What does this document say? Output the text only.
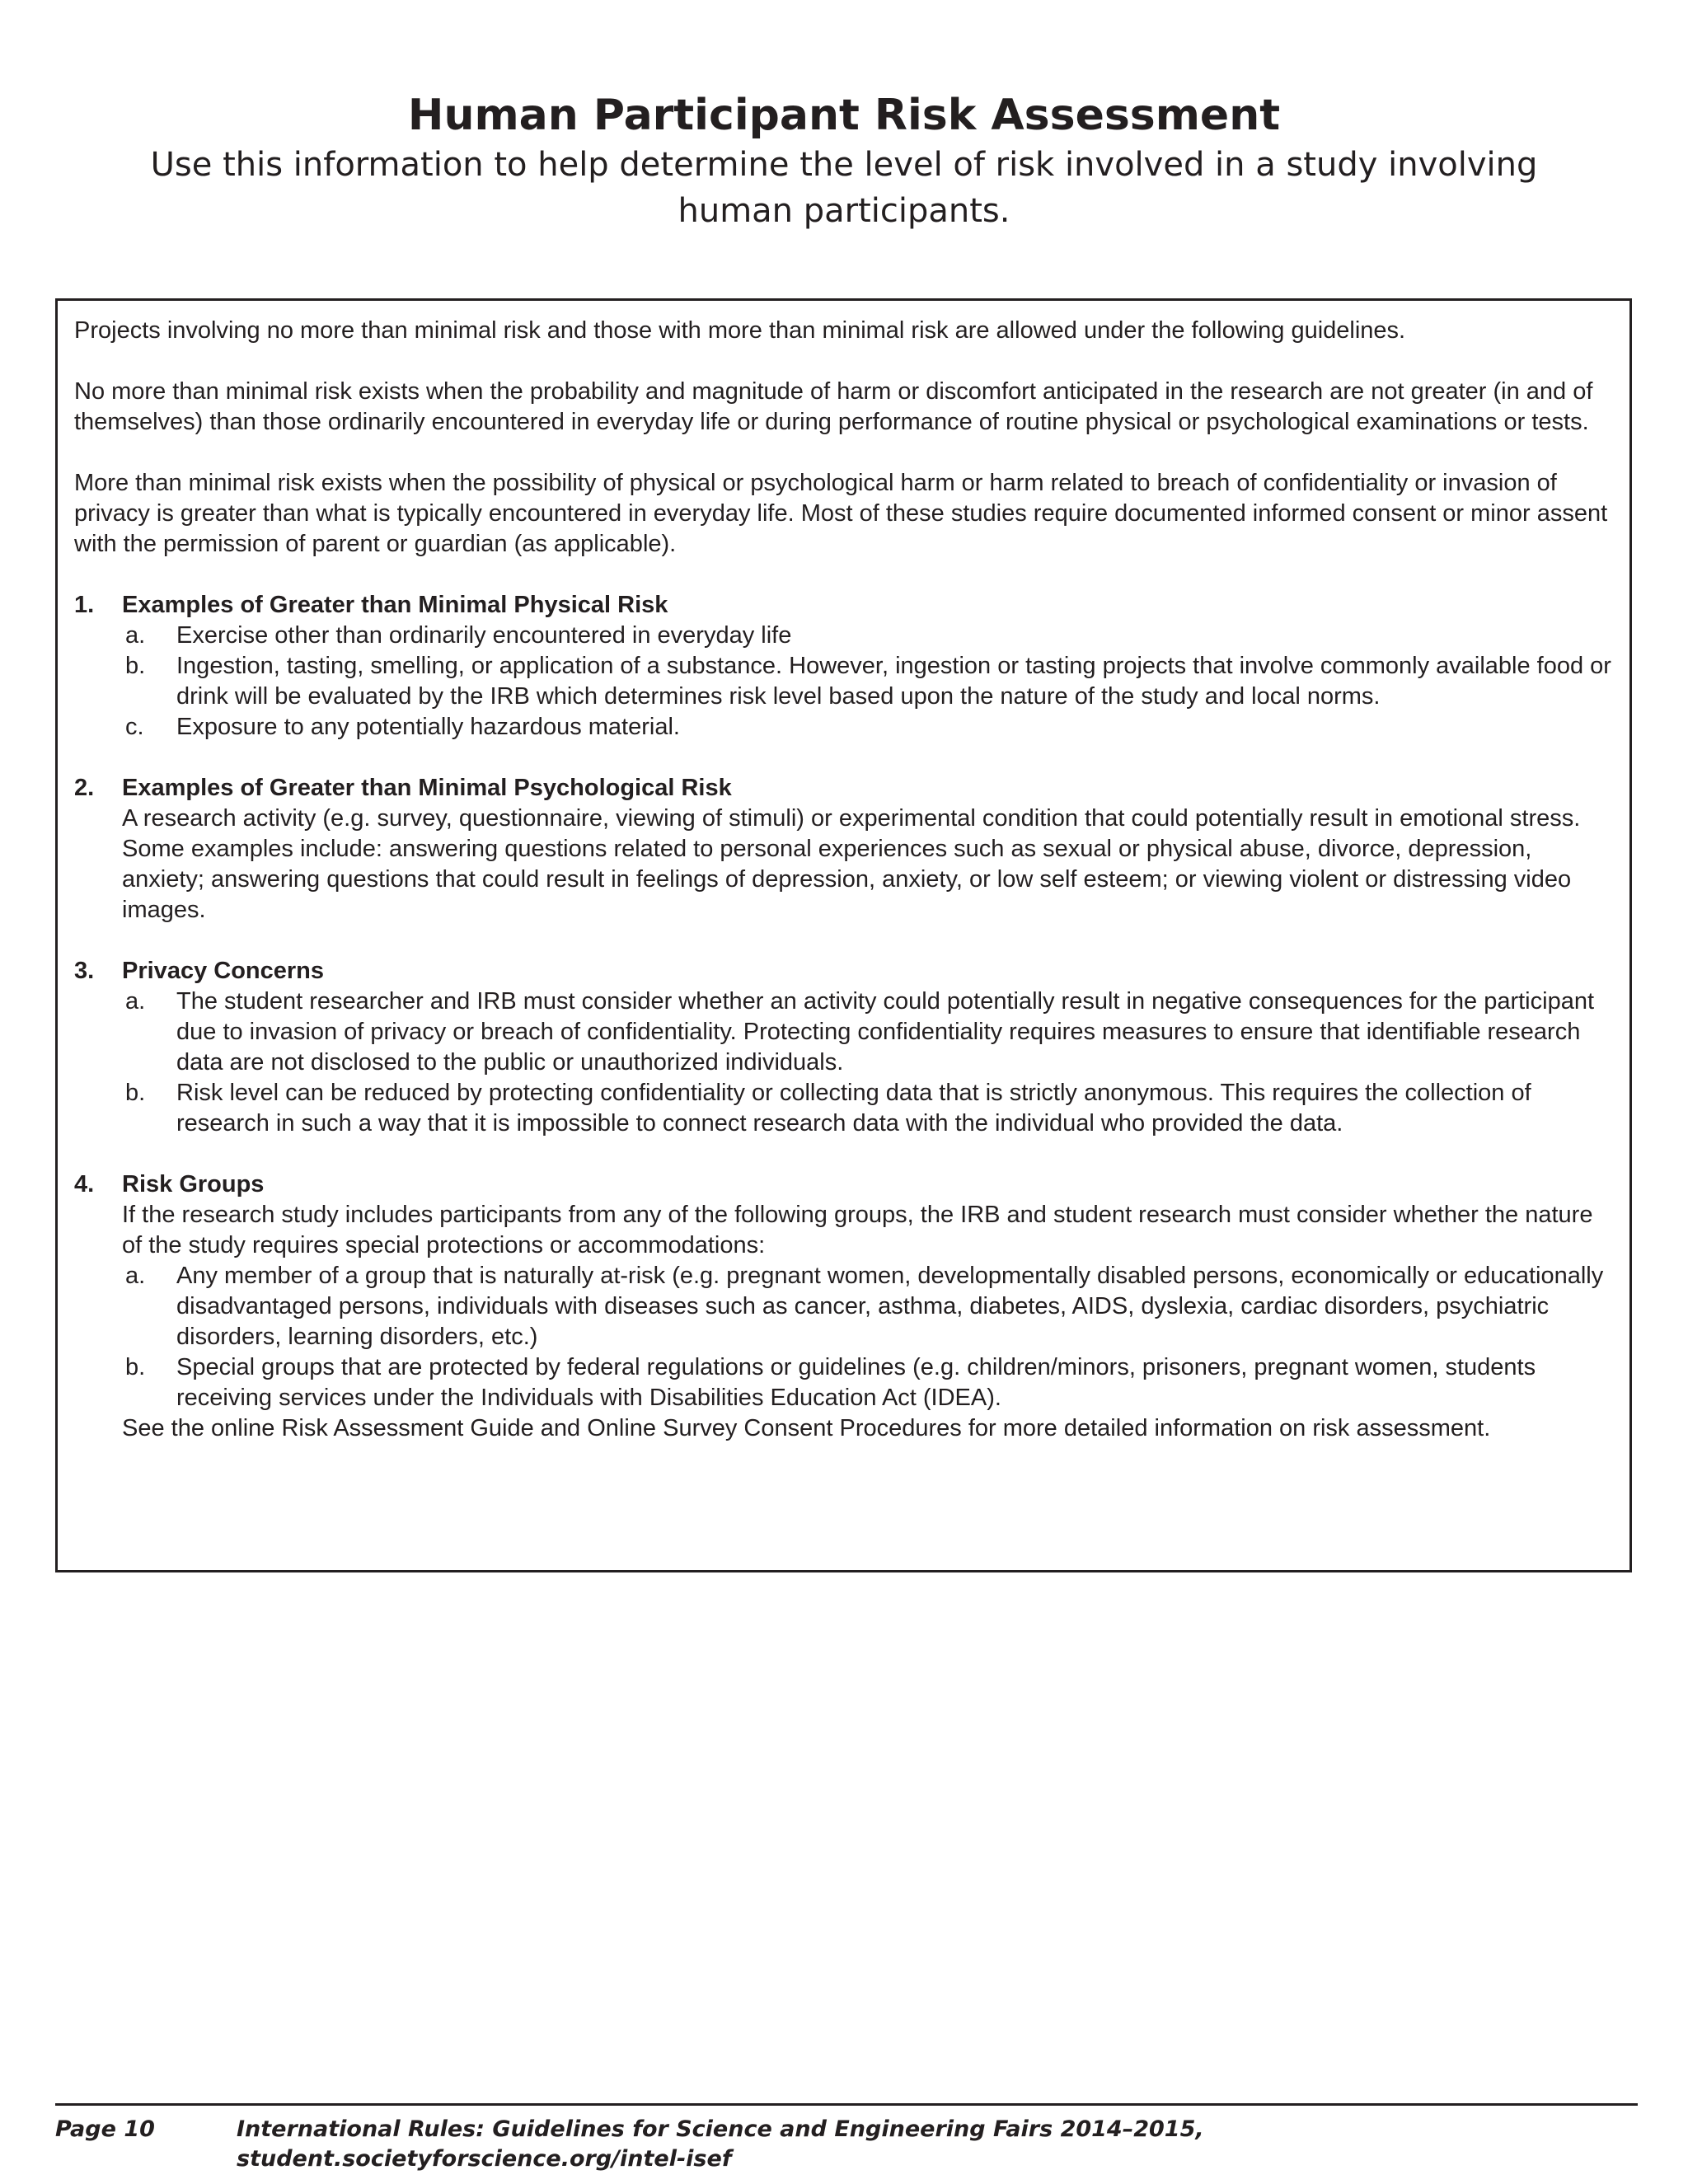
Human Participant Risk Assessment

Use this information to help determine the level of risk involved in a study involving human participants.

Projects involving no more than minimal risk and those with more than minimal risk are allowed under the following guidelines.

No more than minimal risk exists when the probability and magnitude of harm or discomfort anticipated in the research are not greater (in and of themselves) than those ordinarily encountered in everyday life or during performance of routine physical or psychological examinations or tests.

More than minimal risk exists when the possibility of physical or psychological harm or harm related to breach of confidentiality or invasion of privacy is greater than what is typically encountered in everyday life. Most of these studies require documented informed consent or minor assent with the permission of parent or guardian (as applicable).

1.	Examples of Greater than Minimal Physical Risk
a.	Exercise other than ordinarily encountered in everyday life
b.	Ingestion, tasting, smelling, or application of a substance. However, ingestion or tasting projects that involve commonly available food or drink will be evaluated by the IRB which determines risk level based upon the nature of the study and local norms.
c.	Exposure to any potentially hazardous material.
2.	Examples of Greater than Minimal Psychological Risk
A research activity (e.g. survey, questionnaire, viewing of stimuli) or experimental condition that could potentially result in emotional stress. Some examples include: answering questions related to personal experiences such as sexual or physical abuse, divorce, depression, anxiety; answering questions that could result in feelings of depression, anxiety, or low self esteem; or viewing violent or distressing video images.
3.	Privacy Concerns
a.	The student researcher and IRB must consider whether an activity could potentially result in negative consequences for the participant due to invasion of privacy or breach of confidentiality. Protecting confidentiality requires measures to ensure that identifiable research data are not disclosed to the public or unauthorized individuals.
b.	Risk level can be reduced by protecting confidentiality or collecting data that is strictly anonymous. This requires the collection of research in such a way that it is impossible to connect research data with the individual who provided the data.
4.	Risk Groups
If the research study includes participants from any of the following groups, the IRB and student research must consider whether the nature of the study requires special protections or accommodations:
a.	Any member of a group that is naturally at-risk (e.g. pregnant women, developmentally disabled persons, economically or educationally disadvantaged persons, individuals with diseases such as cancer, asthma, diabetes, AIDS, dyslexia, cardiac disorders, psychiatric disorders, learning disorders, etc.)
b.	Special groups that are protected by federal regulations or guidelines (e.g. children/minors, prisoners, pregnant women, students receiving services under the Individuals with Disabilities Education Act (IDEA).
See the online Risk Assessment Guide and Online Survey Consent Procedures for more detailed information on risk assessment.
Page 10	International Rules: Guidelines for Science and Engineering Fairs 2014–2015, student.societyforscience.org/intel-isef
